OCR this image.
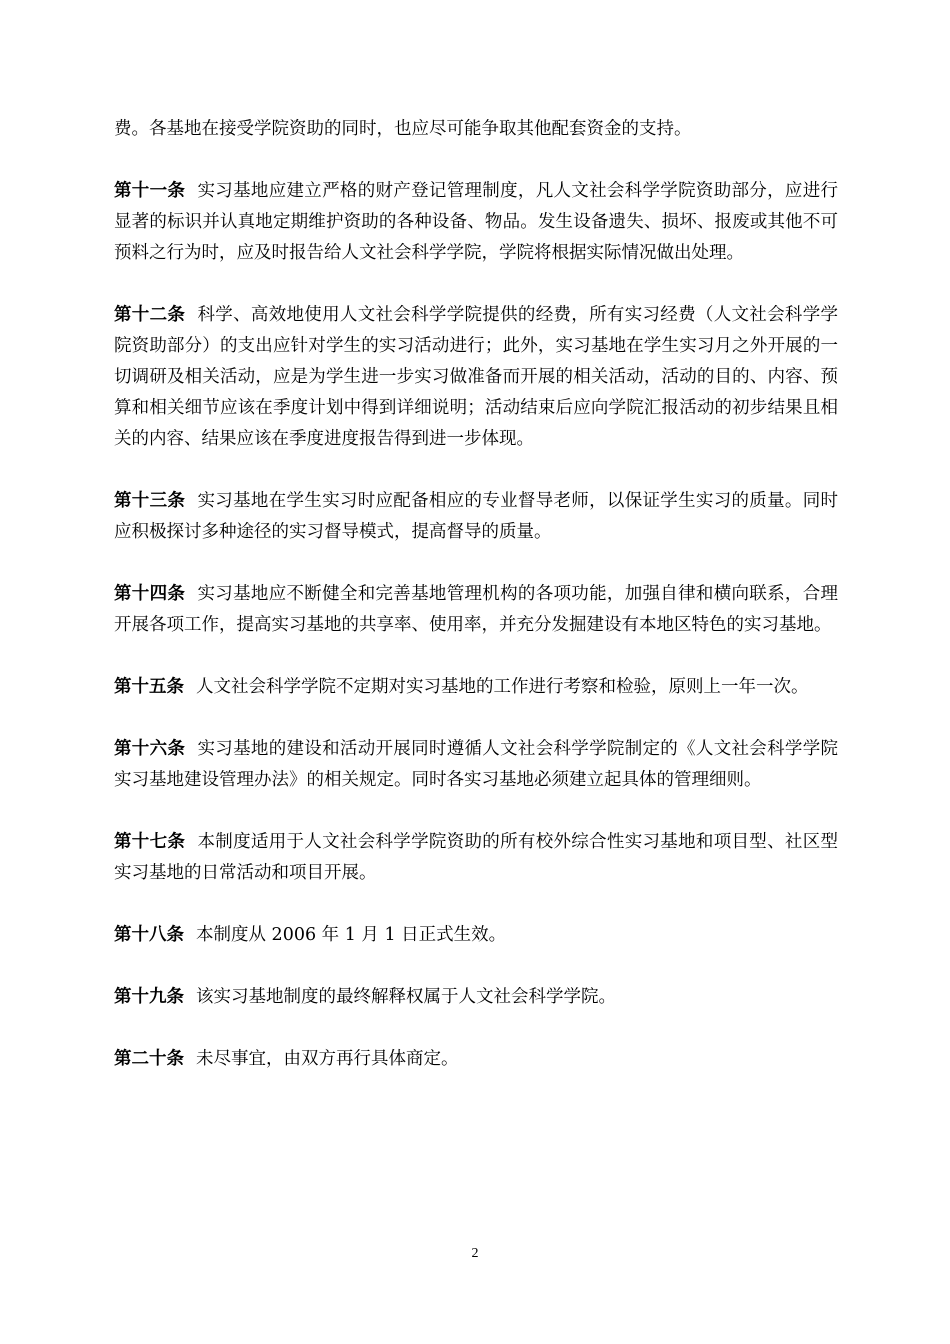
费。各基地在接受学院资助的同时，也应尽可能争取其他配套资金的支持。

第十一条 实习基地应建立严格的财产登记管理制度，凡人文社会科学学院资助部分，应进行显著的标识并认真地定期维护资助的各种设备、物品。发生设备遗失、损坏、报废或其他不可预料之行为时，应及时报告给人文社会科学学院，学院将根据实际情况做出处理。

第十二条 科学、高效地使用人文社会科学学院提供的经费，所有实习经费（人文社会科学学院资助部分）的支出应针对学生的实习活动进行；此外，实习基地在学生实习月之外开展的一切调研及相关活动，应是为学生进一步实习做准备而开展的相关活动，活动的目的、内容、预算和相关细节应该在季度计划中得到详细说明；活动结束后应向学院汇报活动的初步结果且相关的内容、结果应该在季度进度报告得到进一步体现。

第十三条 实习基地在学生实习时应配备相应的专业督导老师，以保证学生实习的质量。同时应积极探讨多种途径的实习督导模式，提高督导的质量。

第十四条 实习基地应不断健全和完善基地管理机构的各项功能，加强自律和横向联系，合理开展各项工作，提高实习基地的共享率、使用率，并充分发掘建设有本地区特色的实习基地。

第十五条 人文社会科学学院不定期对实习基地的工作进行考察和检验，原则上一年一次。

第十六条 实习基地的建设和活动开展同时遵循人文社会科学学院制定的《人文社会科学学院实习基地建设管理办法》的相关规定。同时各实习基地必须建立起具体的管理细则。

第十七条 本制度适用于人文社会科学学院资助的所有校外综合性实习基地和项目型、社区型实习基地的日常活动和项目开展。

第十八条 本制度从 2006 年 1 月 1 日正式生效。

第十九条 该实习基地制度的最终解释权属于人文社会科学学院。

第二十条 未尽事宜，由双方再行具体商定。

2
